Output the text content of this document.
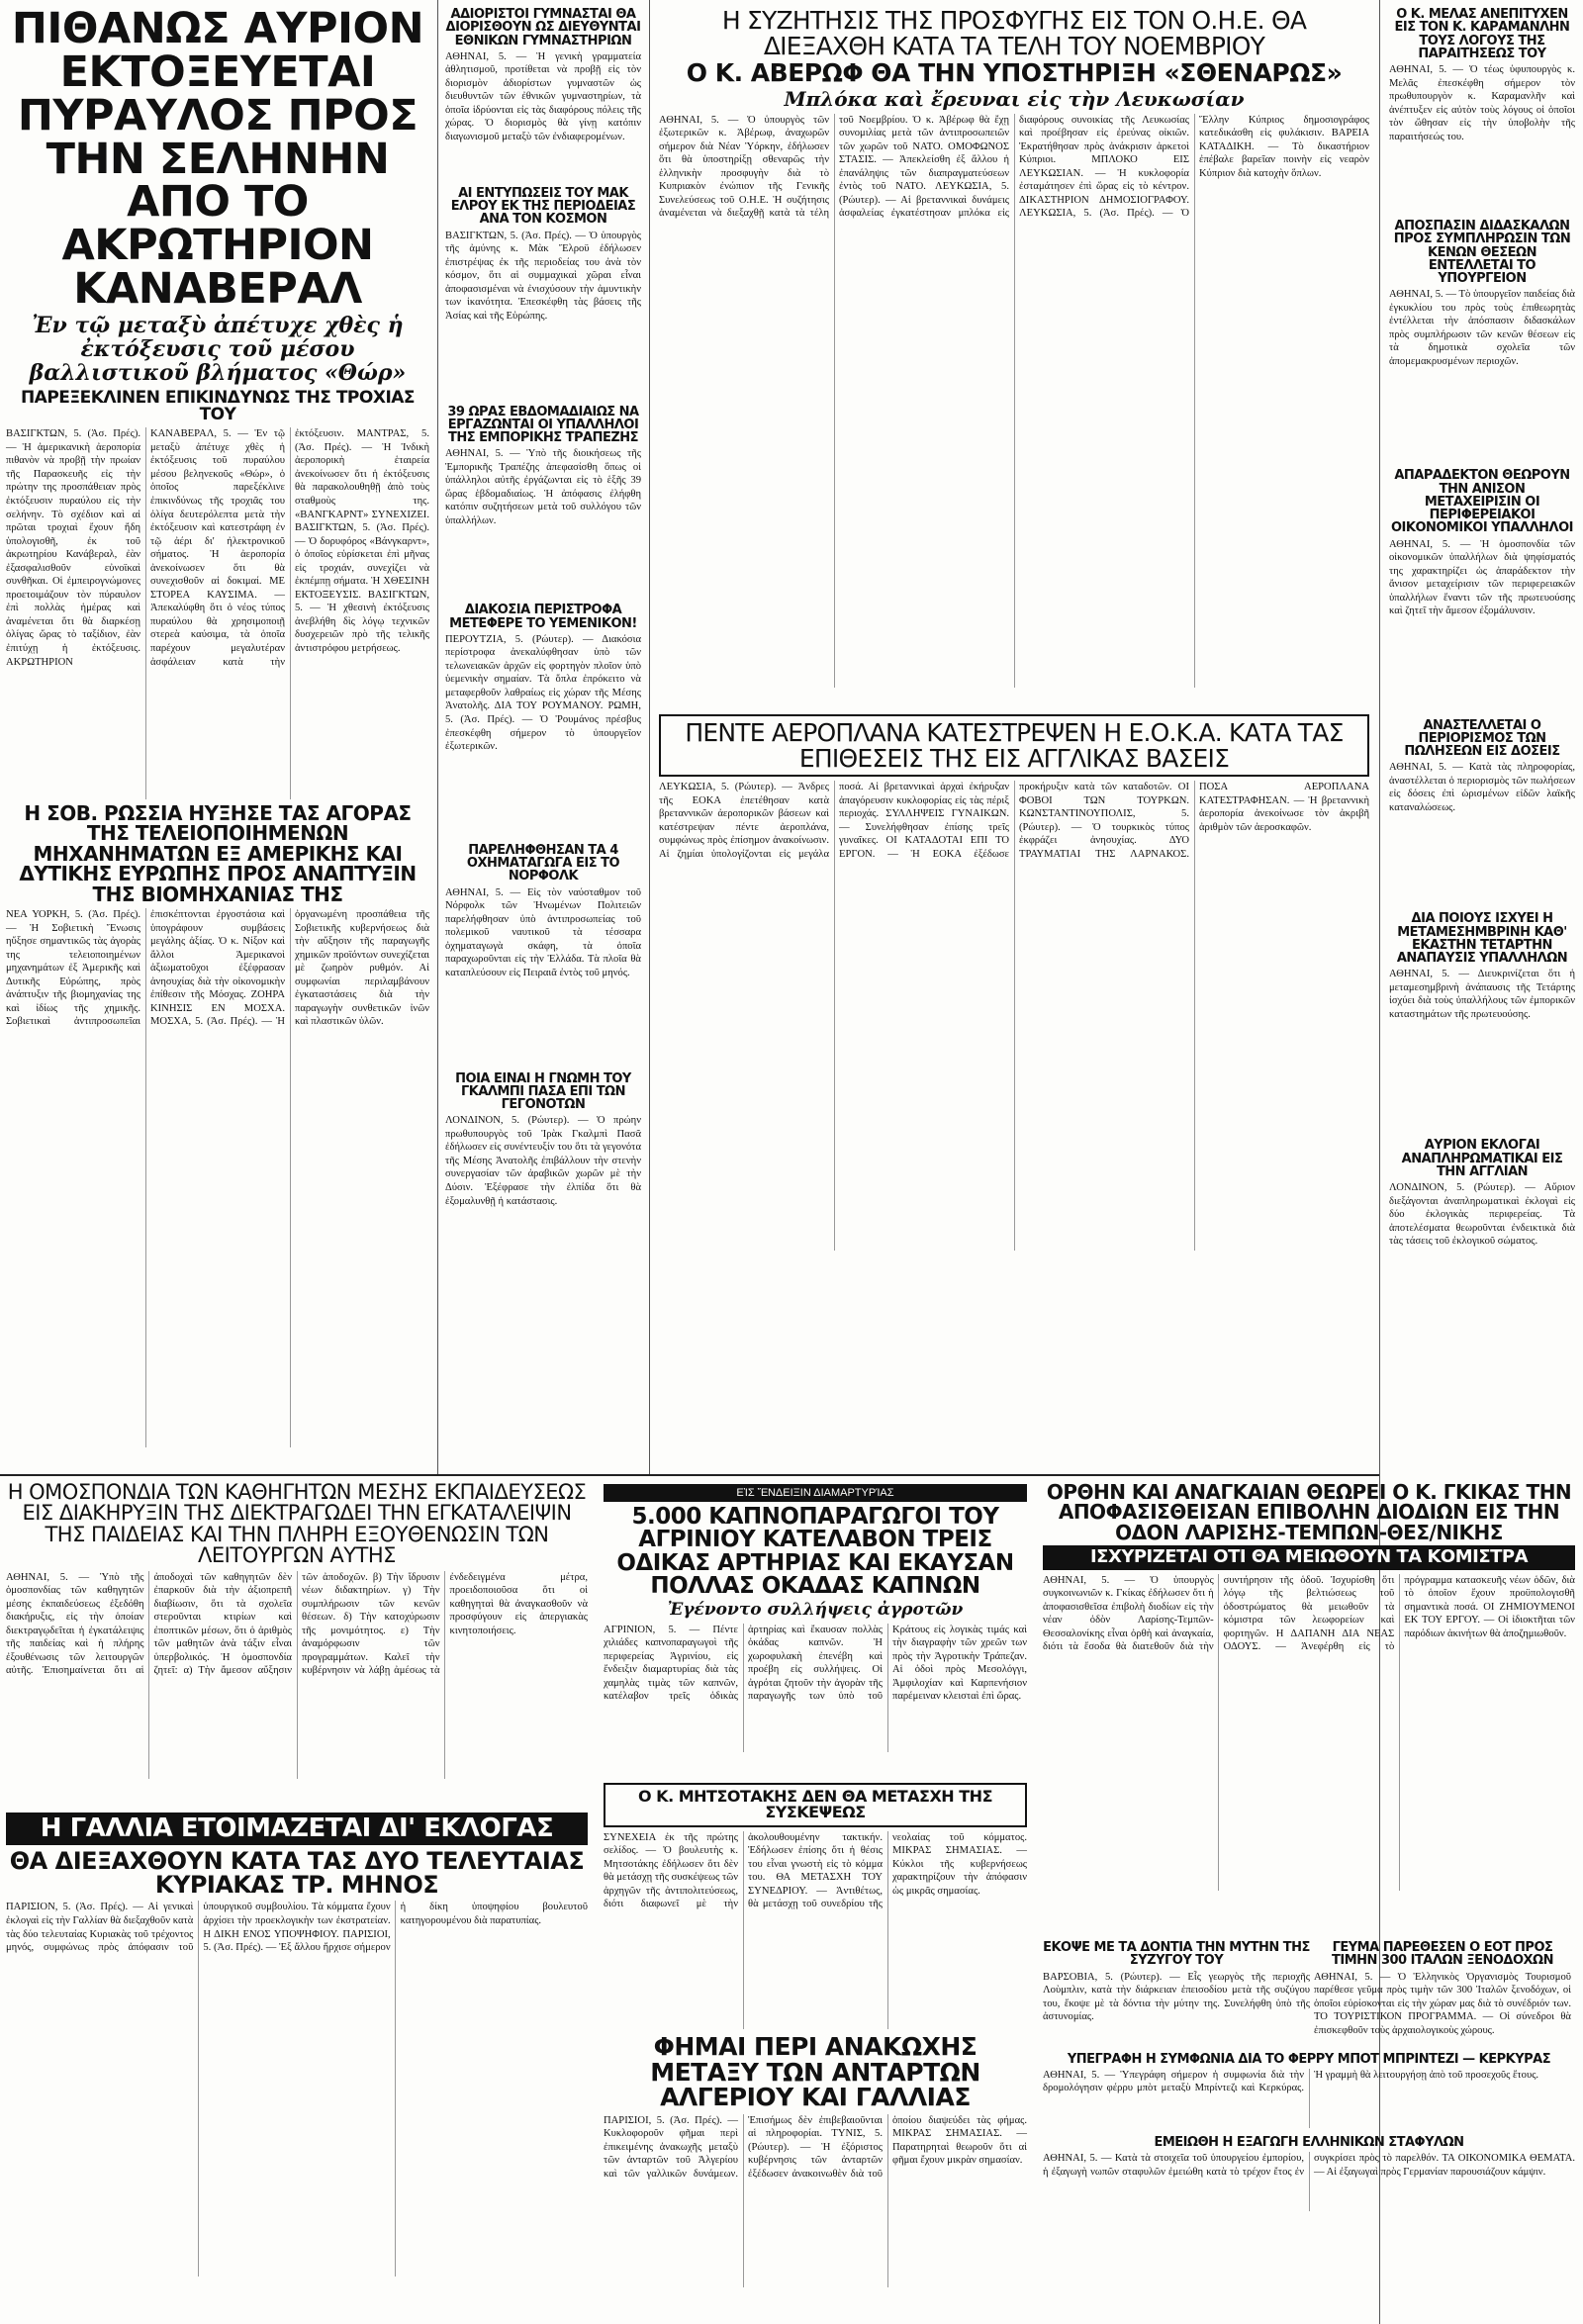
ΠΙΘΑΝΩΣ ΑΥΡΙΟΝ ΕΚΤΟΞΕΥΕΤΑΙ ΠΥΡΑΥΛΟΣ ΠΡΟΣ ΤΗΝ ΣΕΛΗΝΗΝ ΑΠΟ ΤΟ ΑΚΡΩΤΗΡΙΟΝ ΚΑΝΑΒΕΡΑΛ

Ἐν τῷ μεταξὺ ἀπέτυχε χθὲς ἡ ἐκτόξευσις τοῦ μέσου βαλλιστικοῦ βλήματος «Θώρ»

ΠΑΡΕΞΕΚΛΙΝΕΝ ΕΠΙΚΙΝΔΥΝΩΣ ΤΗΣ ΤΡΟΧΙΑΣ ΤΟΥ

ΒΑΣΙΓΚΤΩΝ, 5. (Ἀσ. Πρές). — Ἡ ἀμερικανικὴ ἀεροπορία πιθανὸν νὰ προβῇ τὴν πρωίαν τῆς Παρασκευῆς εἰς τὴν πρώτην της προσπάθειαν πρὸς ἐκτόξευσιν πυραύλου εἰς τὴν σελήνην. Τὸ σχέδιον καὶ αἱ πρῶται τροχιαὶ ἔχουν ἤδη ὑπολογισθῆ, ἐκ τοῦ ἀκρωτηρίου Κανάβεραλ, ἐὰν ἐξασφαλισθοῦν εὐνοϊκαὶ συνθῆκαι. Οἱ ἐμπειρογνώμονες προετοιμάζουν τὸν πύραυλον ἐπὶ πολλὰς ἡμέρας καὶ ἀναμένεται ὅτι θὰ διαρκέσῃ ὀλίγας ὥρας τὸ ταξίδιον, ἐὰν ἐπιτύχῃ ἡ ἐκτόξευσις. ΑΚΡΩΤΗΡΙΟΝ ΚΑΝΑΒΕΡΑΛ, 5. — Ἐν τῷ μεταξὺ ἀπέτυχε χθὲς ἡ ἐκτόξευσις τοῦ πυραύλου μέσου βεληνεκοῦς «Θώρ», ὁ ὁποῖος παρεξέκλινε ἐπικινδύνως τῆς τροχιᾶς του ὀλίγα δευτερόλεπτα μετὰ τὴν ἐκτόξευσιν καὶ κατεστράφη ἐν τῷ ἀέρι δι' ἠλεκτρονικοῦ σήματος. Ἡ ἀεροπορία ἀνεκοίνωσεν ὅτι θὰ συνεχισθοῦν αἱ δοκιμαί. ΜΕ ΣΤΟΡΕΑ ΚΑΥΣΙΜΑ. — Ἀπεκαλύφθη ὅτι ὁ νέος τύπος πυραύλου θὰ χρησιμοποιῇ στερεὰ καύσιμα, τὰ ὁποῖα παρέχουν μεγαλυτέραν ἀσφάλειαν κατὰ τὴν ἐκτόξευσιν. ΜΑΝΤΡΑΣ, 5. (Ἀσ. Πρές). — Ἡ Ἰνδικὴ ἀεροπορικὴ ἑταιρεία ἀνεκοίνωσεν ὅτι ἡ ἐκτόξευσις θὰ παρακολουθηθῇ ἀπὸ τοὺς σταθμοὺς της. «ΒΑΝΓΚΑΡΝΤ» ΣΥΝΕΧΙΖΕΙ. ΒΑΣΙΓΚΤΩΝ, 5. (Ἀσ. Πρές). — Ὁ δορυφόρος «Βάνγκαρντ», ὁ ὁποῖος εὑρίσκεται ἐπὶ μῆνας εἰς τροχιάν, συνεχίζει νὰ ἐκπέμπῃ σήματα. Ἡ ΧΘΕΣΙΝΗ ΕΚΤΟΞΕΥΣΙΣ. ΒΑΣΙΓΚΤΩΝ, 5. — Ἡ χθεσινὴ ἐκτόξευσις ἀνεβλήθη δὶς λόγῳ τεχνικῶν δυσχερειῶν πρὸ τῆς τελικῆς ἀντιστρόφου μετρήσεως.

ΑΔΙΟΡΙΣΤΟΙ ΓΥΜΝΑΣΤΑΙ ΘΑ ΔΙΟΡΙΣΘΟΥΝ ΩΣ ΔΙΕΥΘΥΝΤΑΙ ΕΘΝΙΚΩΝ ΓΥΜΝΑΣΤΗΡΙΩΝ

ΑΘΗΝΑΙ, 5. — Ἡ γενικὴ γραμματεία ἀθλητισμοῦ, προτίθεται νὰ προβῇ εἰς τὸν διορισμὸν ἀδιορίστων γυμναστῶν ὡς διευθυντῶν τῶν ἐθνικῶν γυμναστηρίων, τὰ ὁποῖα ἱδρύονται εἰς τὰς διαφόρους πόλεις τῆς χώρας. Ὁ διορισμὸς θὰ γίνῃ κατόπιν διαγωνισμοῦ μεταξὺ τῶν ἐνδιαφερομένων.

ΑΙ ΕΝΤΥΠΩΣΕΙΣ ΤΟΥ ΜΑΚ ΕΛΡΟΥ ΕΚ ΤΗΣ ΠΕΡΙΟΔΕΙΑΣ ΑΝΑ ΤΟΝ ΚΟΣΜΟΝ

ΒΑΣΙΓΚΤΩΝ, 5. (Ἀσ. Πρές). — Ὁ ὑπουργὸς τῆς ἀμύνης κ. Μὰκ Ἔλροϋ ἐδήλωσεν ἐπιστρέψας ἐκ τῆς περιοδείας του ἀνὰ τὸν κόσμον, ὅτι αἱ συμμαχικαὶ χῶραι εἶναι ἀποφασισμέναι νὰ ἐνισχύσουν τὴν ἀμυντικὴν των ἱκανότητα. Ἐπεσκέφθη τὰς βάσεις τῆς Ἀσίας καὶ τῆς Εὐρώπης.

39 ΩΡΑΣ ΕΒΔΟΜΑΔΙΑΙΩΣ ΝΑ ΕΡΓΑΖΩΝΤΑΙ ΟΙ ΥΠΑΛΛΗΛΟΙ ΤΗΣ ΕΜΠΟΡΙΚΗΣ ΤΡΑΠΕΖΗΣ

ΑΘΗΝΑΙ, 5. — Ὑπὸ τῆς διοικήσεως τῆς Ἐμπορικῆς Τραπέζης ἀπεφασίσθη ὅπως οἱ ὑπάλληλοι αὐτῆς ἐργάζωνται εἰς τὸ ἑξῆς 39 ὥρας ἑβδομαδιαίως. Ἡ ἀπόφασις ἐλήφθη κατόπιν συζητήσεων μετὰ τοῦ συλλόγου τῶν ὑπαλλήλων.

ΔΙΑΚΟΣΙΑ ΠΕΡΙΣΤΡΟΦΑ ΜΕΤΕΦΕΡΕ ΤΟ ΥΕΜΕΝΙΚΟΝ!

ΠΕΡΟΥΤΖΙΑ, 5. (Ρώυτερ). — Διακόσια περίστροφα ἀνεκαλύφθησαν ὑπὸ τῶν τελωνειακῶν ἀρχῶν εἰς φορτηγὸν πλοῖον ὑπὸ ὑεμενικὴν σημαίαν. Τὰ ὅπλα ἐπρόκειτο νὰ μεταφερθοῦν λαθραίως εἰς χώραν τῆς Μέσης Ἀνατολῆς. ΔΙΑ ΤΟΥ ΡΟΥΜΑΝΟΥ. ΡΩΜΗ, 5. (Ἀσ. Πρές). — Ὁ Ῥουμάνος πρέσβυς ἐπεσκέφθη σήμερον τὸ ὑπουργεῖον ἐξωτερικῶν.

ΠΑΡΕΛΗΦΘΗΣΑΝ ΤΑ 4 ΟΧΗΜΑΤΑΓΩΓΑ ΕΙΣ ΤΟ ΝΟΡΦΟΛΚ

ΑΘΗΝΑΙ, 5. — Εἰς τὸν ναύσταθμον τοῦ Νόρφολκ τῶν Ἡνωμένων Πολιτειῶν παρελήφθησαν ὑπὸ ἀντιπροσωπείας τοῦ πολεμικοῦ ναυτικοῦ τὰ τέσσαρα ὀχηματαγωγὰ σκάφη, τὰ ὁποῖα παραχωροῦνται εἰς τὴν Ἑλλάδα. Τὰ πλοῖα θὰ καταπλεύσουν εἰς Πειραιᾶ ἐντὸς τοῦ μηνός.

ΠΟΙΑ ΕΙΝΑΙ Η ΓΝΩΜΗ ΤΟΥ ΓΚΑΛΜΠΙ ΠΑΣΑ ΕΠΙ ΤΩΝ ΓΕΓΟΝΟΤΩΝ

ΛΟΝΔΙΝΟΝ, 5. (Ρώυτερ). — Ὁ πρώην πρωθυπουργὸς τοῦ Ἰρὰκ Γκαλμπὶ Πασᾶ ἐδήλωσεν εἰς συνέντευξίν του ὅτι τὰ γεγονότα τῆς Μέσης Ἀνατολῆς ἐπιβάλλουν τὴν στενὴν συνεργασίαν τῶν ἀραβικῶν χωρῶν μὲ τὴν Δύσιν. Ἐξέφρασε τὴν ἐλπίδα ὅτι θὰ ἐξομαλυνθῇ ἡ κατάστασις.

Η ΣΥΖΗΤΗΣΙΣ ΤΗΣ ΠΡΟΣΦΥΓΗΣ ΕΙΣ ΤΟΝ Ο.Η.Ε. ΘΑ ΔΙΕΞΑΧΘΗ ΚΑΤΑ ΤΑ ΤΕΛΗ ΤΟΥ ΝΟΕΜΒΡΙΟΥ
Ο Κ. ΑΒΕΡΩΦ ΘΑ ΤΗΝ ΥΠΟΣΤΗΡΙΞΗ «ΣΘΕΝΑΡΩΣ»

Μπλόκα καὶ ἔρευναι εἰς τὴν Λευκωσίαν

ΑΘΗΝΑΙ, 5. — Ὁ ὑπουργὸς τῶν ἐξωτερικῶν κ. Ἀβέρωφ, ἀναχωρῶν σήμερον διὰ Νέαν Ὑόρκην, ἐδήλωσεν ὅτι θὰ ὑποστηρίξῃ σθεναρῶς τὴν ἑλληνικὴν προσφυγὴν διὰ τὸ Κυπριακὸν ἐνώπιον τῆς Γενικῆς Συνελεύσεως τοῦ Ο.Η.Ε. Ἡ συζήτησις ἀναμένεται νὰ διεξαχθῇ κατὰ τὰ τέλη τοῦ Νοεμβρίου. Ὁ κ. Ἀβέρωφ θὰ ἔχῃ συνομιλίας μετὰ τῶν ἀντιπροσωπειῶν τῶν χωρῶν τοῦ ΝΑΤΟ. ΟΜΟΦΩΝΟΣ ΣΤΑΣΙΣ. — Ἀπεκλείσθη ἐξ ἄλλου ἡ ἐπανάληψις τῶν διαπραγματεύσεων ἐντὸς τοῦ ΝΑΤΟ. ΛΕΥΚΩΣΙΑ, 5. (Ρώυτερ). — Αἱ βρεταννικαὶ δυνάμεις ἀσφαλείας ἐγκατέστησαν μπλόκα εἰς διαφόρους συνοικίας τῆς Λευκωσίας καὶ προέβησαν εἰς ἐρεύνας οἰκιῶν. Ἐκρατήθησαν πρὸς ἀνάκρισιν ἀρκετοὶ Κύπριοι. ΜΠΛΟΚΟ ΕΙΣ ΛΕΥΚΩΣΙΑΝ. — Ἡ κυκλοφορία ἐσταμάτησεν ἐπὶ ὥρας εἰς τὸ κέντρον. ΔΙΚΑΣΤΗΡΙΟΝ ΔΗΜΟΣΙΟΓΡΑΦΟΥ. ΛΕΥΚΩΣΙΑ, 5. (Ἀσ. Πρές). — Ὁ Ἕλλην Κύπριος δημοσιογράφος κατεδικάσθη εἰς φυλάκισιν. ΒΑΡΕΙΑ ΚΑΤΑΔΙΚΗ. — Τὸ δικαστήριον ἐπέβαλε βαρεῖαν ποινὴν εἰς νεαρὸν Κύπριον διὰ κατοχὴν ὅπλων.

ΠΕΝΤΕ ΑΕΡΟΠΛΑΝΑ ΚΑΤΕΣΤΡΕΨΕΝ Η Ε.Ο.Κ.Α. ΚΑΤΑ ΤΑΣ ΕΠΙΘΕΣΕΙΣ ΤΗΣ ΕΙΣ ΑΓΓΛΙΚΑΣ ΒΑΣΕΙΣ

ΛΕΥΚΩΣΙΑ, 5. (Ρώυτερ). — Ἀνδρες τῆς ΕΟΚΑ ἐπετέθησαν κατὰ βρεταννικῶν ἀεροπορικῶν βάσεων καὶ κατέστρεψαν πέντε ἀεροπλάνα, συμφώνως πρὸς ἐπίσημον ἀνακοίνωσιν. Αἱ ζημίαι ὑπολογίζονται εἰς μεγάλα ποσά. Αἱ βρεταννικαὶ ἀρχαὶ ἐκήρυξαν ἀπαγόρευσιν κυκλοφορίας εἰς τὰς πέριξ περιοχάς. ΣΥΛΛΗΨΕΙΣ ΓΥΝΑΙΚΩΝ. — Συνελήφθησαν ἐπίσης τρεῖς γυναῖκες. ΟΙ ΚΑΤΑΔΟΤΑΙ ΕΠΙ ΤΟ ΕΡΓΟΝ. — Ἡ ΕΟΚΑ ἐξέδωσε προκήρυξιν κατὰ τῶν καταδοτῶν. ΟΙ ΦΟΒΟΙ ΤΩΝ ΤΟΥΡΚΩΝ. ΚΩΝΣΤΑΝΤΙΝΟΥΠΟΛΙΣ, 5. (Ρώυτερ). — Ὁ τουρκικὸς τύπος ἐκφράζει ἀνησυχίας. ΔΥΟ ΤΡΑΥΜΑΤΙΑΙ ΤΗΣ ΛΑΡΝΑΚΟΣ. ΠΟΣΑ ΑΕΡΟΠΛΑΝΑ ΚΑΤΕΣΤΡΑΦΗΣΑΝ. — Ἡ βρεταννικὴ ἀεροπορία ἀνεκοίνωσε τὸν ἀκριβῆ ἀριθμὸν τῶν ἀεροσκαφῶν.

Η ΣΟΒ. ΡΩΣΣΙΑ ΗΥΞΗΣΕ ΤΑΣ ΑΓΟΡΑΣ ΤΗΣ ΤΕΛΕΙΟΠΟΙΗΜΕΝΩΝ ΜΗΧΑΝΗΜΑΤΩΝ ΕΞ ΑΜΕΡΙΚΗΣ ΚΑΙ ΔΥΤΙΚΗΣ ΕΥΡΩΠΗΣ ΠΡΟΣ ΑΝΑΠΤΥΞΙΝ ΤΗΣ ΒΙΟΜΗΧΑΝΙΑΣ ΤΗΣ

ΝΕΑ ΥΟΡΚΗ, 5. (Ἀσ. Πρές). — Ἡ Σοβιετικὴ Ἕνωσις ηὔξησε σημαντικῶς τὰς ἀγορὰς της τελειοποιημένων μηχανημάτων ἐξ Ἀμερικῆς καὶ Δυτικῆς Εὐρώπης, πρὸς ἀνάπτυξιν τῆς βιομηχανίας της καὶ ἰδίως τῆς χημικῆς. Σοβιετικαὶ ἀντιπροσωπεῖαι ἐπισκέπτονται ἐργοστάσια καὶ ὑπογράφουν συμβάσεις μεγάλης ἀξίας. Ὁ κ. Νίξον καὶ ἄλλοι Ἀμερικανοὶ ἀξιωματοῦχοι ἐξέφρασαν ἀνησυχίας διὰ τὴν οἰκονομικὴν ἐπίθεσιν τῆς Μόσχας. ΖΟΗΡΑ ΚΙΝΗΣΙΣ ΕΝ ΜΟΣΧΑ. ΜΟΣΧΑ, 5. (Ἀσ. Πρές). — Ἡ ὀργανωμένη προσπάθεια τῆς Σοβιετικῆς κυβερνήσεως διὰ τὴν αὔξησιν τῆς παραγωγῆς χημικῶν προϊόντων συνεχίζεται μὲ ζωηρὸν ρυθμόν. Αἱ συμφωνίαι περιλαμβάνουν ἐγκαταστάσεις διὰ τὴν παραγωγὴν συνθετικῶν ἰνῶν καὶ πλαστικῶν ὑλῶν.

Ο Κ. ΜΕΛΑΣ ΑΝΕΠΙΤΥΧΕΝ ΕΙΣ ΤΟΝ Κ. ΚΑΡΑΜΑΝΛΗΝ ΤΟΥΣ ΛΟΓΟΥΣ ΤΗΣ ΠΑΡΑΙΤΗΣΕΩΣ ΤΟΥ

ΑΘΗΝΑΙ, 5. — Ὁ τέως ὑφυπουργὸς κ. Μελᾶς ἐπεσκέφθη σήμερον τὸν πρωθυπουργὸν κ. Καραμανλῆν καὶ ἀνέπτυξεν εἰς αὐτὸν τοὺς λόγους οἱ ὁποῖοι τὸν ὤθησαν εἰς τὴν ὑποβολὴν τῆς παραιτήσεώς του.

ΑΠΟΣΠΑΣΙΝ ΔΙΔΑΣΚΑΛΩΝ ΠΡΟΣ ΣΥΜΠΛΗΡΩΣΙΝ ΤΩΝ ΚΕΝΩΝ ΘΕΣΕΩΝ ΕΝΤΕΛΛΕΤΑΙ ΤΟ ΥΠΟΥΡΓΕΙΟΝ

ΑΘΗΝΑΙ, 5. — Τὸ ὑπουργεῖον παιδείας διὰ ἐγκυκλίου του πρὸς τοὺς ἐπιθεωρητὰς ἐντέλλεται τὴν ἀπόσπασιν διδασκάλων πρὸς συμπλήρωσιν τῶν κενῶν θέσεων εἰς τὰ δημοτικὰ σχολεῖα τῶν ἀπομεμακρυσμένων περιοχῶν.

ΑΠΑΡΑΔΕΚΤΟΝ ΘΕΩΡΟΥΝ ΤΗΝ ΑΝΙΣΟΝ ΜΕΤΑΧΕΙΡΙΣΙΝ ΟΙ ΠΕΡΙΦΕΡΕΙΑΚΟΙ ΟΙΚΟΝΟΜΙΚΟΙ ΥΠΑΛΛΗΛΟΙ

ΑΘΗΝΑΙ, 5. — Ἡ ὁμοσπονδία τῶν οἰκονομικῶν ὑπαλλήλων διὰ ψηφίσματός της χαρακτηρίζει ὡς ἀπαράδεκτον τὴν ἄνισον μεταχείρισιν τῶν περιφερειακῶν ὑπαλλήλων ἔναντι τῶν τῆς πρωτευούσης καὶ ζητεῖ τὴν ἄμεσον ἐξομάλυνσιν.

ΑΝΑΣΤΕΛΛΕΤΑΙ Ο ΠΕΡΙΟΡΙΣΜΟΣ ΤΩΝ ΠΩΛΗΣΕΩΝ ΕΙΣ ΔΟΣΕΙΣ

ΑΘΗΝΑΙ, 5. — Κατὰ τὰς πληροφορίας, ἀναστέλλεται ὁ περιορισμὸς τῶν πωλήσεων εἰς δόσεις ἐπὶ ὡρισμένων εἰδῶν λαϊκῆς καταναλώσεως.

ΔΙΑ ΠΟΙΟΥΣ ΙΣΧΥΕΙ Η ΜΕΤΑΜΕΣΗΜΒΡΙΝΗ ΚΑΘ' ΕΚΑΣΤΗΝ ΤΕΤΑΡΤΗΝ ΑΝΑΠΑΥΣΙΣ ΥΠΑΛΛΗΛΩΝ

ΑΘΗΝΑΙ, 5. — Διευκρινίζεται ὅτι ἡ μεταμεσημβρινὴ ἀνάπαυσις τῆς Τετάρτης ἰσχύει διὰ τοὺς ὑπαλλήλους τῶν ἐμπορικῶν καταστημάτων τῆς πρωτευούσης.

ΑΥΡΙΟΝ ΕΚΛΟΓΑΙ ΑΝΑΠΛΗΡΩΜΑΤΙΚΑΙ ΕΙΣ ΤΗΝ ΑΓΓΛΙΑΝ

ΛΟΝΔΙΝΟΝ, 5. (Ρώυτερ). — Αὔριον διεξάγονται ἀναπληρωματικαὶ ἐκλογαὶ εἰς δύο ἐκλογικὰς περιφερείας. Τὰ ἀποτελέσματα θεωροῦνται ἐνδεικτικὰ διὰ τὰς τάσεις τοῦ ἐκλογικοῦ σώματος.

Η ΟΜΟΣΠΟΝΔΙΑ ΤΩΝ ΚΑΘΗΓΗΤΩΝ ΜΕΣΗΣ ΕΚΠΑΙΔΕΥΣΕΩΣ ΕΙΣ ΔΙΑΚΗΡΥΞΙΝ ΤΗΣ ΔΙΕΚΤΡΑΓΩΔΕΙ ΤΗΝ ΕΓΚΑΤΑΛΕΙΨΙΝ ΤΗΣ ΠΑΙΔΕΙΑΣ ΚΑΙ ΤΗΝ ΠΛΗΡΗ ΕΞΟΥΘΕΝΩΣΙΝ ΤΩΝ ΛΕΙΤΟΥΡΓΩΝ ΑΥΤΗΣ

ΑΘΗΝΑΙ, 5. — Ὑπὸ τῆς ὁμοσπονδίας τῶν καθηγητῶν μέσης ἐκπαιδεύσεως ἐξεδόθη διακήρυξις, εἰς τὴν ὁποίαν διεκτραγῳδεῖται ἡ ἐγκατάλειψις τῆς παιδείας καὶ ἡ πλήρης ἐξουθένωσις τῶν λειτουργῶν αὐτῆς. Ἐπισημαίνεται ὅτι αἱ ἀποδοχαὶ τῶν καθηγητῶν δὲν ἐπαρκοῦν διὰ τὴν ἀξιοπρεπῆ διαβίωσιν, ὅτι τὰ σχολεῖα στεροῦνται κτιρίων καὶ ἐποπτικῶν μέσων, ὅτι ὁ ἀριθμὸς τῶν μαθητῶν ἀνὰ τάξιν εἶναι ὑπερβολικός. Ἡ ὁμοσπονδία ζητεῖ: α) Τὴν ἄμεσον αὔξησιν τῶν ἀποδοχῶν. β) Τὴν ἵδρυσιν νέων διδακτηρίων. γ) Τὴν συμπλήρωσιν τῶν κενῶν θέσεων. δ) Τὴν κατοχύρωσιν τῆς μονιμότητος. ε) Τὴν ἀναμόρφωσιν τῶν προγραμμάτων. Καλεῖ τὴν κυβέρνησιν νὰ λάβῃ ἀμέσως τὰ ἐνδεδειγμένα μέτρα, προειδοποιοῦσα ὅτι οἱ καθηγηταὶ θὰ ἀναγκασθοῦν νὰ προσφύγουν εἰς ἀπεργιακὰς κινητοποιήσεις.

ΕἸΣ ἜΝΔΕΙΞΙΝ ΔΙΑΜΑΡΤΥΡΊΑΣ

5.000 ΚΑΠΝΟΠΑΡΑΓΩΓΟΙ ΤΟΥ ΑΓΡΙΝΙΟΥ ΚΑΤΕΛΑΒΟΝ ΤΡΕΙΣ ΟΔΙΚΑΣ ΑΡΤΗΡΙΑΣ ΚΑΙ ΕΚΑΥΣΑΝ ΠΟΛΛΑΣ ΟΚΑΔΑΣ ΚΑΠΝΩΝ

Ἐγένοντο συλλήψεις ἀγροτῶν

ΑΓΡΙΝΙΟΝ, 5. — Πέντε χιλιάδες καπνοπαραγωγοὶ τῆς περιφερείας Ἀγρινίου, εἰς ἔνδειξιν διαμαρτυρίας διὰ τὰς χαμηλὰς τιμὰς τῶν καπνῶν, κατέλαβον τρεῖς ὁδικὰς ἀρτηρίας καὶ ἔκαυσαν πολλὰς ὀκάδας καπνῶν. Ἡ χωροφυλακὴ ἐπενέβη καὶ προέβη εἰς συλλήψεις. Οἱ ἀγρόται ζητοῦν τὴν ἀγορὰν τῆς παραγωγῆς των ὑπὸ τοῦ Κράτους εἰς λογικὰς τιμάς καὶ τὴν διαγραφὴν τῶν χρεῶν των πρὸς τὴν Ἀγροτικὴν Τράπεζαν. Αἱ ὁδοὶ πρὸς Μεσολόγγι, Ἀμφιλοχίαν καὶ Καρπενήσιον παρέμειναν κλεισταὶ ἐπὶ ὥρας.

Ο Κ. ΜΗΤΣΟΤΑΚΗΣ ΔΕΝ ΘΑ ΜΕΤΑΣΧΗ ΤΗΣ ΣΥΣΚΕΨΕΩΣ

ΣΥΝΕΧΕΙΑ ἐκ τῆς πρώτης σελίδος. — Ὁ βουλευτὴς κ. Μητσοτάκης ἐδήλωσεν ὅτι δὲν θὰ μετάσχῃ τῆς συσκέψεως τῶν ἀρχηγῶν τῆς ἀντιπολιτεύσεως, διότι διαφωνεῖ μὲ τὴν ἀκολουθουμένην τακτικήν. Ἐδήλωσεν ἐπίσης ὅτι ἡ θέσις του εἶναι γνωστὴ εἰς τὸ κόμμα του. ΘΑ ΜΕΤΑΣΧΗ ΤΟΥ ΣΥΝΕΔΡΙΟΥ. — Ἀντιθέτως, θὰ μετάσχῃ τοῦ συνεδρίου τῆς νεολαίας τοῦ κόμματος. ΜΙΚΡΑΣ ΣΗΜΑΣΙΑΣ. — Κύκλοι τῆς κυβερνήσεως χαρακτηρίζουν τὴν ἀπόφασιν ὡς μικρᾶς σημασίας.

ΟΡΘΗΝ ΚΑΙ ΑΝΑΓΚΑΙΑΝ ΘΕΩΡΕΙ Ο Κ. ΓΚΙΚΑΣ ΤΗΝ ΑΠΟΦΑΣΙΣΘΕΙΣΑΝ ΕΠΙΒΟΛΗΝ ΔΙΟΔΙΩΝ ΕΙΣ ΤΗΝ ΟΔΟΝ ΛΑΡΙΣΗΣ-ΤΕΜΠΩΝ-ΘΕΣ/ΝΙΚΗΣ
ΙΣΧΥΡΙΖΕΤΑΙ ΟΤΙ ΘΑ ΜΕΙΩΘΟΥΝ ΤΑ ΚΟΜΙΣΤΡΑ

ΑΘΗΝΑΙ, 5. — Ὁ ὑπουργὸς συγκοινωνιῶν κ. Γκίκας ἐδήλωσεν ὅτι ἡ ἀποφασισθεῖσα ἐπιβολὴ διοδίων εἰς τὴν νέαν ὁδὸν Λαρίσης-Τεμπῶν-Θεσσαλονίκης εἶναι ὀρθὴ καὶ ἀναγκαία, διότι τὰ ἔσοδα θὰ διατεθοῦν διὰ τὴν συντήρησιν τῆς ὁδοῦ. Ἰσχυρίσθη ὅτι λόγῳ τῆς βελτιώσεως τοῦ ὁδοστρώματος θὰ μειωθοῦν τὰ κόμιστρα τῶν λεωφορείων καὶ φορτηγῶν. Η ΔΑΠΑΝΗ ΔΙΑ ΝΕΑΣ ΟΔΟΥΣ. — Ἀνεφέρθη εἰς τὸ πρόγραμμα κατασκευῆς νέων ὁδῶν, διὰ τὸ ὁποῖον ἔχουν προϋπολογισθῆ σημαντικὰ ποσά. ΟΙ ΖΗΜΙΟΥΜΕΝΟΙ ΕΚ ΤΟΥ ΕΡΓΟΥ. — Οἱ ἰδιοκτῆται τῶν παρόδιων ἀκινήτων θὰ ἀποζημιωθοῦν.

Η ΓΑΛΛΙΑ ΕΤΟΙΜΑΖΕΤΑΙ ΔΙ' ΕΚΛΟΓΑΣ
ΘΑ ΔΙΕΞΑΧΘΟΥΝ ΚΑΤΑ ΤΑΣ ΔΥΟ ΤΕΛΕΥΤΑΙΑΣ ΚΥΡΙΑΚΑΣ ΤΡ. ΜΗΝΟΣ

ΠΑΡΙΣΙΟΝ, 5. (Ἀσ. Πρές). — Αἱ γενικαὶ ἐκλογαὶ εἰς τὴν Γαλλίαν θὰ διεξαχθοῦν κατὰ τὰς δύο τελευταίας Κυριακὰς τοῦ τρέχοντος μηνός, συμφώνως πρὸς ἀπόφασιν τοῦ ὑπουργικοῦ συμβουλίου. Τὰ κόμματα ἔχουν ἀρχίσει τὴν προεκλογικὴν των ἐκστρατείαν. Η ΔΙΚΗ ΕΝΟΣ ΥΠΟΨΗΦΙΟΥ. ΠΑΡΙΣΙΟΙ, 5. (Ἀσ. Πρές). — Ἐξ ἄλλου ἤρχισε σήμερον ἡ δίκη ὑποψηφίου βουλευτοῦ κατηγορουμένου διὰ παρατυπίας.

ΦΗΜΑΙ ΠΕΡΙ ΑΝΑΚΩΧΗΣ ΜΕΤΑΞΥ ΤΩΝ ΑΝΤΑΡΤΩΝ ΑΛΓΕΡΙΟΥ ΚΑΙ ΓΑΛΛΙΑΣ

ΠΑΡΙΣΙΟΙ, 5. (Ἀσ. Πρές). — Κυκλοφοροῦν φῆμαι περὶ ἐπικειμένης ἀνακωχῆς μεταξὺ τῶν ἀνταρτῶν τοῦ Ἀλγερίου καὶ τῶν γαλλικῶν δυνάμεων. Ἐπισήμως δὲν ἐπιβεβαιοῦνται αἱ πληροφορίαι. ΤΥΝΙΣ, 5. (Ρώυτερ). — Ἡ ἐξόριστος κυβέρνησις τῶν ἀνταρτῶν ἐξέδωσεν ἀνακοινωθὲν διὰ τοῦ ὁποίου διαψεύδει τὰς φήμας. ΜΙΚΡΑΣ ΣΗΜΑΣΙΑΣ. — Παρατηρηταὶ θεωροῦν ὅτι αἱ φῆμαι ἔχουν μικρὰν σημασίαν.

ΕΚΟΨΕ ΜΕ ΤΑ ΔΟΝΤΙΑ ΤΗΝ ΜΥΤΗΝ ΤΗΣ ΣΥΖΥΓΟΥ ΤΟΥ

ΒΑΡΣΟΒΙΑ, 5. (Ρώυτερ). — Εἷς γεωργὸς τῆς περιοχῆς Λοὺμπλιν, κατὰ τὴν διάρκειαν ἐπεισοδίου μετὰ τῆς συζύγου του, ἔκοψε μὲ τὰ δόντια τὴν μύτην της. Συνελήφθη ὑπὸ τῆς ἀστυνομίας.

ΓΕΥΜΑ ΠΑΡΕΘΕΣΕΝ Ο ΕΟΤ ΠΡΟΣ ΤΙΜΗΝ 300 ΙΤΑΛΩΝ ΞΕΝΟΔΟΧΩΝ

ΑΘΗΝΑΙ, 5. — Ὁ Ἑλληνικὸς Ὀργανισμὸς Τουρισμοῦ παρέθεσε γεῦμα πρὸς τιμὴν τῶν 300 Ἰταλῶν ξενοδόχων, οἱ ὁποῖοι εὑρίσκονται εἰς τὴν χώραν μας διὰ τὸ συνέδριόν των. ΤΟ ΤΟΥΡΙΣΤΙΚΟΝ ΠΡΟΓΡΑΜΜΑ. — Οἱ σύνεδροι θὰ ἐπισκεφθοῦν τοὺς ἀρχαιολογικοὺς χώρους.

ΥΠΕΓΡΑΦΗ Η ΣΥΜΦΩΝΙΑ ΔΙΑ ΤΟ ΦΕΡΡΥ ΜΠΟΤ ΜΠΡΙΝΤΕΖΙ — ΚΕΡΚΥΡΑΣ

ΑΘΗΝΑΙ, 5. — Ὑπεγράφη σήμερον ἡ συμφωνία διὰ τὴν δρομολόγησιν φέρρυ μπὸτ μεταξὺ Μπρίντεζι καὶ Κερκύρας. Ἡ γραμμὴ θὰ λειτουργήσῃ ἀπὸ τοῦ προσεχοῦς ἔτους.

ΕΜΕΙΩΘΗ Η ΕΞΑΓΩΓΗ ΕΛΛΗΝΙΚΩΝ ΣΤΑΦΥΛΩΝ

ΑΘΗΝΑΙ, 5. — Κατὰ τὰ στοιχεῖα τοῦ ὑπουργείου ἐμπορίου, ἡ ἐξαγωγὴ νωπῶν σταφυλῶν ἐμειώθη κατὰ τὸ τρέχον ἔτος ἐν συγκρίσει πρὸς τὸ παρελθόν. ΤΑ ΟΙΚΟΝΟΜΙΚΑ ΘΕΜΑΤΑ. — Αἱ ἐξαγωγαὶ πρὸς Γερμανίαν παρουσιάζουν κάμψιν.
